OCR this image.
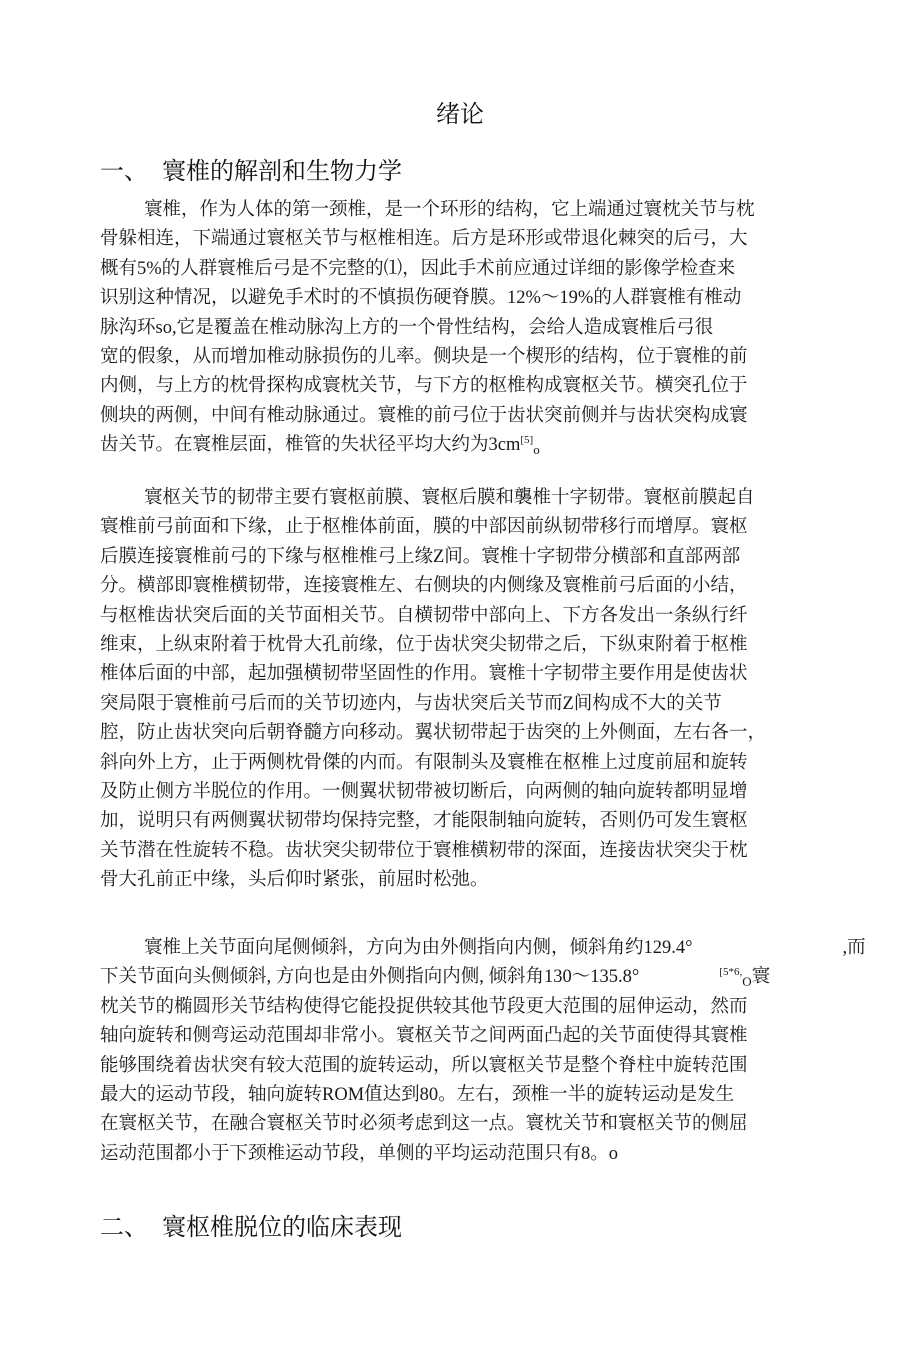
绪论
一、 寰椎的解剖和生物力学
寰椎，作为人体的第一颈椎，是一个环形的结构，它上端通过寰枕关节与枕
骨躲相连，下端通过寰枢关节与枢椎相连。后方是环形或带退化棘突的后弓，大
概有5%的人群寰椎后弓是不完整的⑴，因此手术前应通过详细的影像学检查来
识别这种情况，以避免手术时的不慎损伤硬脊膜。12%～19%的人群寰椎有椎动
脉沟环so,它是覆盖在椎动脉沟上方的一个骨性结构，会给人造成寰椎后弓很
宽的假象，从而增加椎动脉损伤的儿率。侧块是一个楔形的结构，位于寰椎的前
内侧，与上方的枕骨探构成寰枕关节，与下方的枢椎构成寰枢关节。横突孔位于
侧块的两侧，中间有椎动脉通过。寰椎的前弓位于齿状突前侧并与齿状突构成寰
齿关节。在寰椎层面，椎管的失状径平均大约为$3cm[5]_o$
寰枢关节的韧带主要冇寰枢前膜、寰枢后膜和襲椎十字韧带。寰枢前膜起自
寰椎前弓前面和下缘，止于枢椎体前面，膜的中部因前纵韧带移行而增厚。寰枢
后膜连接寰椎前弓的下缘与枢椎椎弓上缘Z间。寰椎十字韧带分横部和直部两部
分。横部即寰椎横韧带，连接寰椎左、右侧块的内侧缘及寰椎前弓后面的小结，
与枢椎齿状突后面的关节面相关节。自横韧带中部向上、下方各发出一条纵行纤
维束，上纵束附着于枕骨大孔前缘，位于齿状突尖韧带之后，下纵束附着于枢椎
椎体后面的中部，起加强横韧带坚固性的作用。寰椎十字韧带主要作用是使齿状
突局限于寰椎前弓后而的关节切迹内，与齿状突后关节而Z间构成不大的关节
腔，防止齿状突向后朝脊髓方向移动。翼状韧带起于齿突的上外侧面，左右各一，
斜向外上方，止于两侧枕骨傑的内而。有限制头及寰椎在枢椎上过度前屈和旋转
及防止侧方半脱位的作用。一侧翼状韧带被切断后，向两侧的轴向旋转都明显增
加，说明只有两侧翼状韧带均保持完整，才能限制轴向旋转，否则仍可发生寰枢
关节潜在性旋转不稳。齿状突尖韧带位于寰椎横籾带的深面，连接齿状突尖于枕
骨大孔前正中缘，头后仰时紧张，前屈时松弛。
寰椎上关节面向尾侧倾斜，方向为由外侧指向内侧，倾斜角约129.4°	,而
下关节面向头侧倾斜, 方向也是由外侧指向内侧, 倾斜角130～135.8°	$^{[5*6,}_O$寰
枕关节的椭圆形关节结构使得它能投捉供较其他节段更大范围的屈伸运动，然而
轴向旋转和侧弯运动范围却非常小。寰枢关节之间两面凸起的关节面使得其寰椎
能够围绕着齿状突有较大范围的旋转运动，所以寰枢关节是整个脊柱中旋转范围
最大的运动节段，轴向旋转ROM值达到80。左右，颈椎一半的旋转运动是发生
在寰枢关节，在融合寰枢关节时必须考虑到这一点。寰枕关节和寰枢关节的侧屈
运动范围都小于下颈椎运动节段，单侧的平均运动范围只有8。o
二、 寰枢椎脱位的临床表现
